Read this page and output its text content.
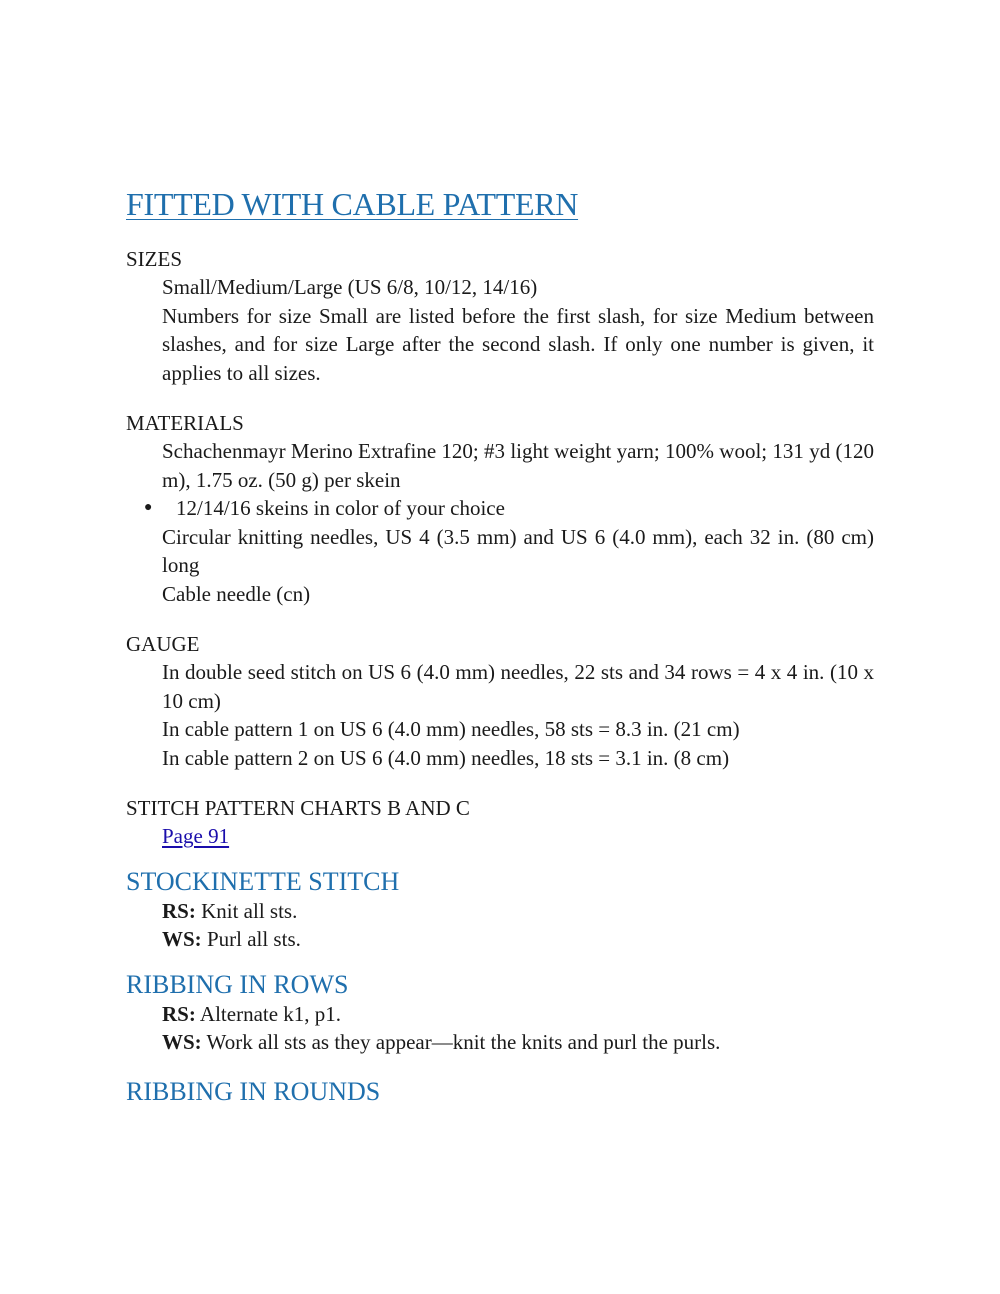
FITTED WITH CABLE PATTERN

SIZES

Small/Medium/Large (US 6/8, 10/12, 14/16)
Numbers for size Small are listed before the first slash, for size Medium between slashes, and for size Large after the second slash. If only one number is given, it applies to all sizes.

MATERIALS

Schachenmayr Merino Extrafine 120; #3 light weight yarn; 100% wool; 131 yd (120 m), 1.75 oz. (50 g) per skein
● 12/14/16 skeins in color of your choice
Circular knitting needles, US 4 (3.5 mm) and US 6 (4.0 mm), each 32 in. (80 cm) long
Cable needle (cn)

GAUGE

In double seed stitch on US 6 (4.0 mm) needles, 22 sts and 34 rows = 4 x 4 in. (10 x 10 cm)
In cable pattern 1 on US 6 (4.0 mm) needles, 58 sts = 8.3 in. (21 cm)
In cable pattern 2 on US 6 (4.0 mm) needles, 18 sts = 3.1 in. (8 cm)

STITCH PATTERN CHARTS B AND C

Page 91
STOCKINETTE STITCH
RS: Knit all sts.
WS: Purl all sts.
RIBBING IN ROWS
RS: Alternate k1, p1.
WS: Work all sts as they appear—knit the knits and purl the purls.
RIBBING IN ROUNDS
